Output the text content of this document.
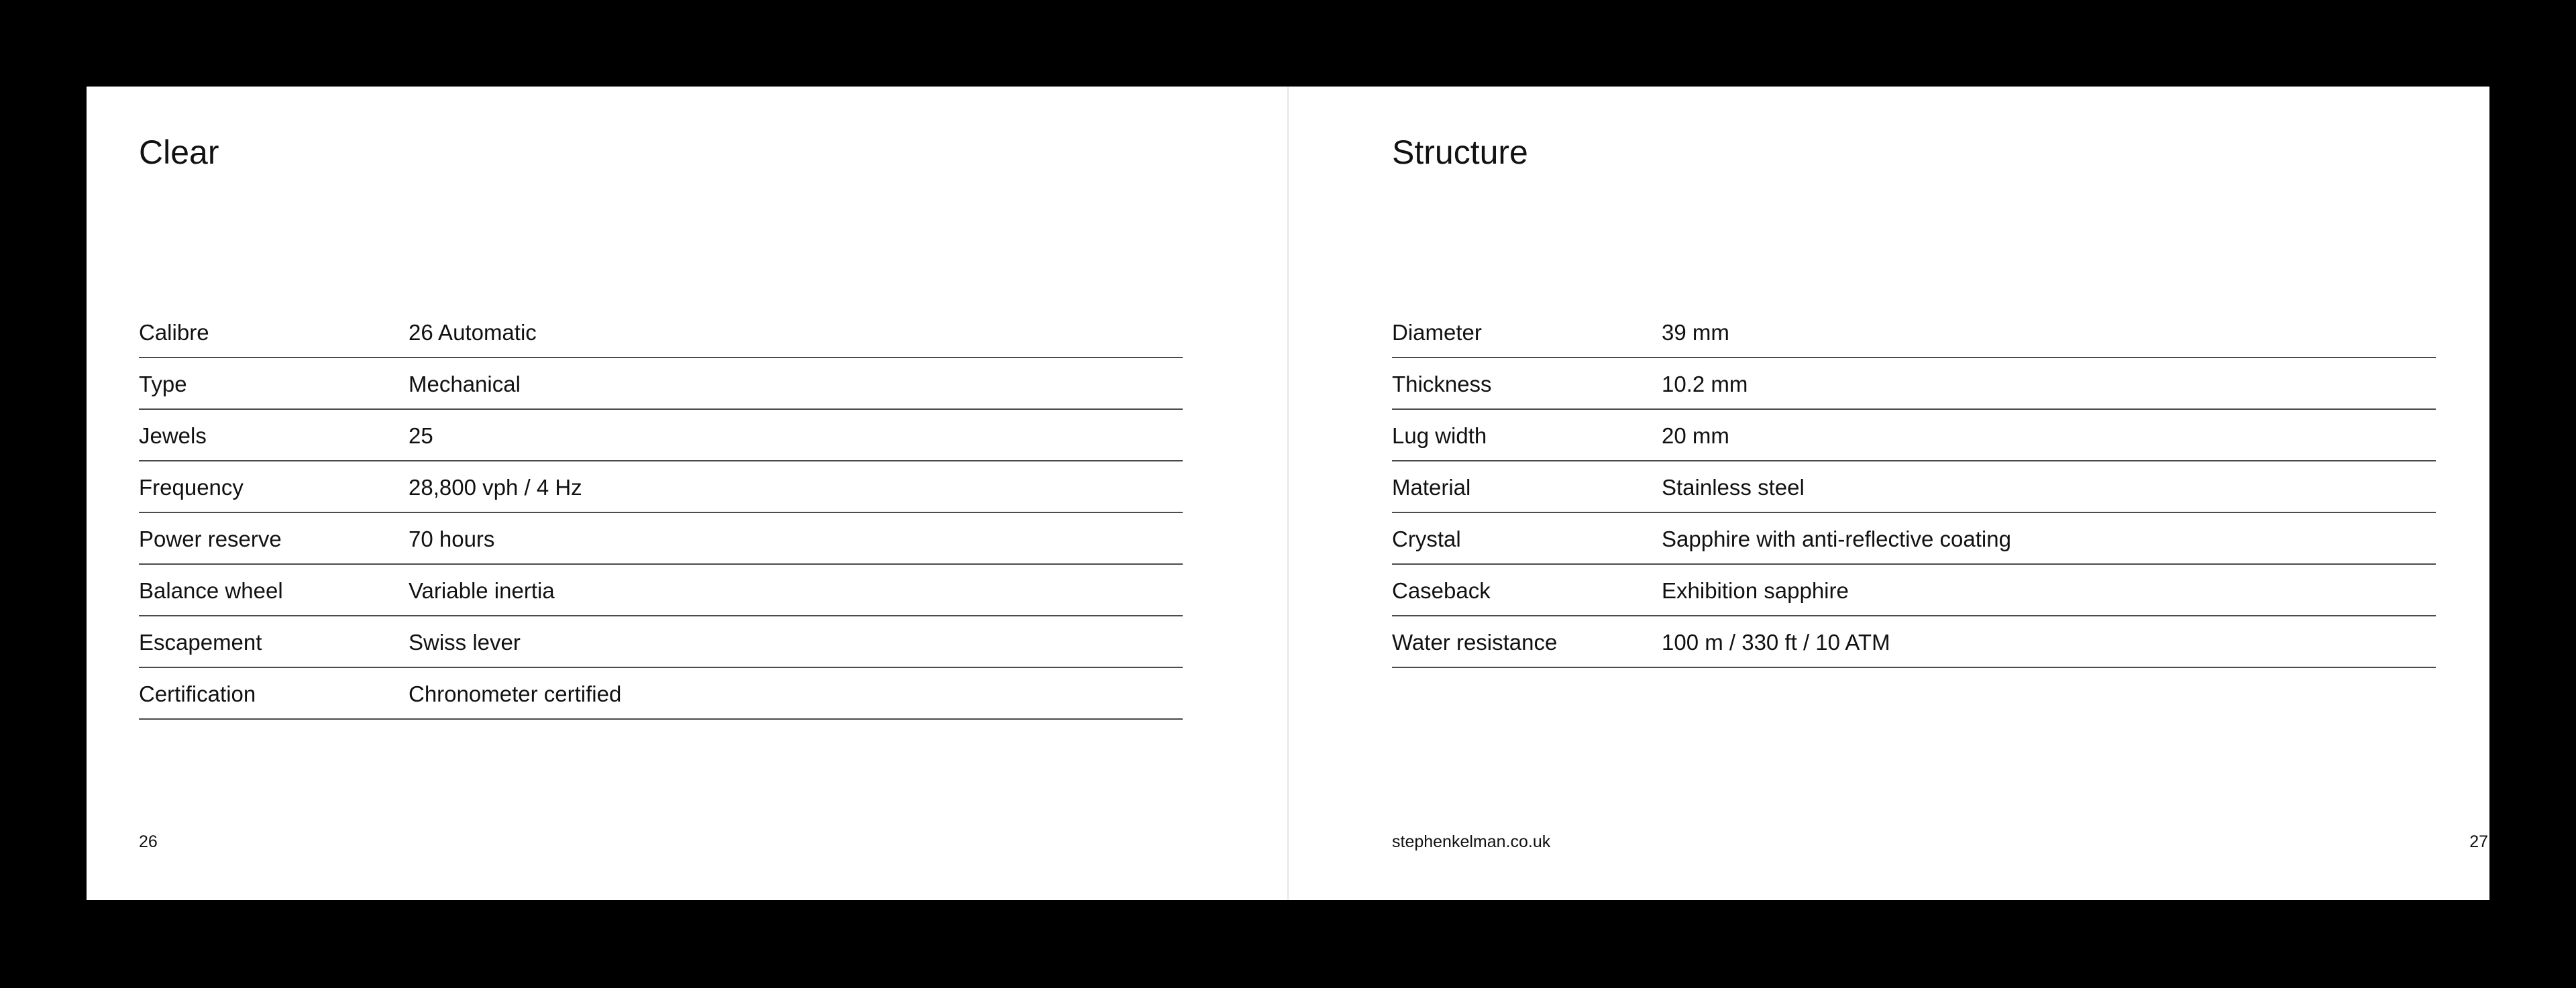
Clear
Calibre	26 Automatic
Type	Mechanical
Jewels	25
Frequency	28,800 vph / 4 Hz
Power reserve	70 hours
Balance wheel	Variable inertia
Escapement	Swiss lever
Certification	Chronometer certified
26
Structure
Diameter	39 mm
Thickness	10.2 mm
Lug width	20 mm
Material	Stainless steel
Crystal	Sapphire with anti-reflective coating
Caseback	Exhibition sapphire
Water resistance	100 m / 330 ft / 10 ATM
stephenkelman.co.uk	27
